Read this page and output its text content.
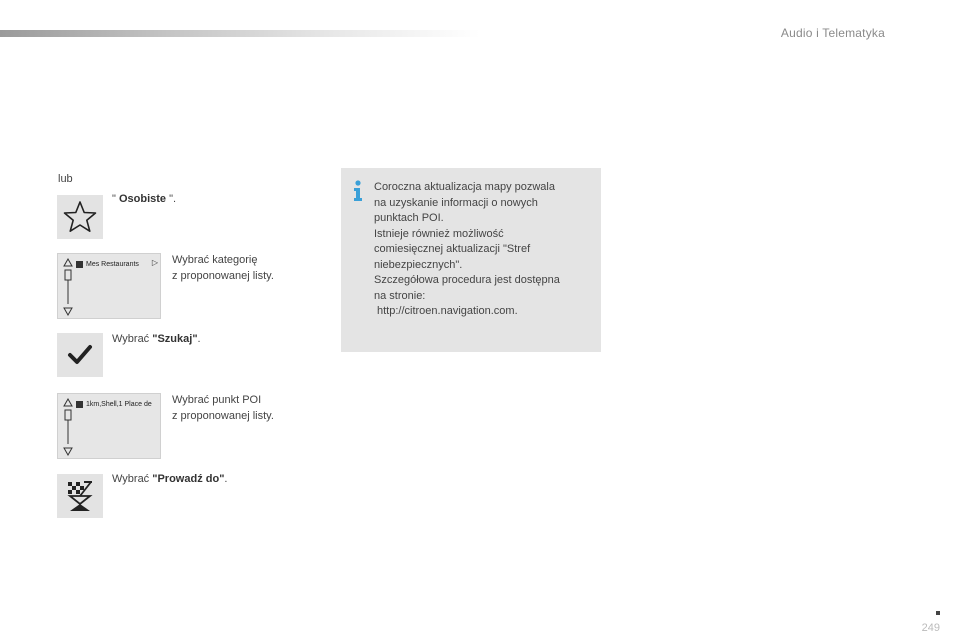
Audio i Telematyka
lub
" Osobiste ".
Mes Restaurants ▷ Wybrać kategorię
z proponowanej listy.
Wybrać "Szukaj".
1km,Shell,1 Place de Wybrać punkt POI
z proponowanej listy.
Wybrać "Prowadź do".
Coroczna aktualizacja mapy pozwala
na uzyskanie informacji o nowych
punktach POI.
Istnieje również możliwość
comiesięcznej aktualizacji "Stref
niebezpiecznych".
Szczegółowa procedura jest dostępna
na stronie:
http://citroen.navigation.com.
249
